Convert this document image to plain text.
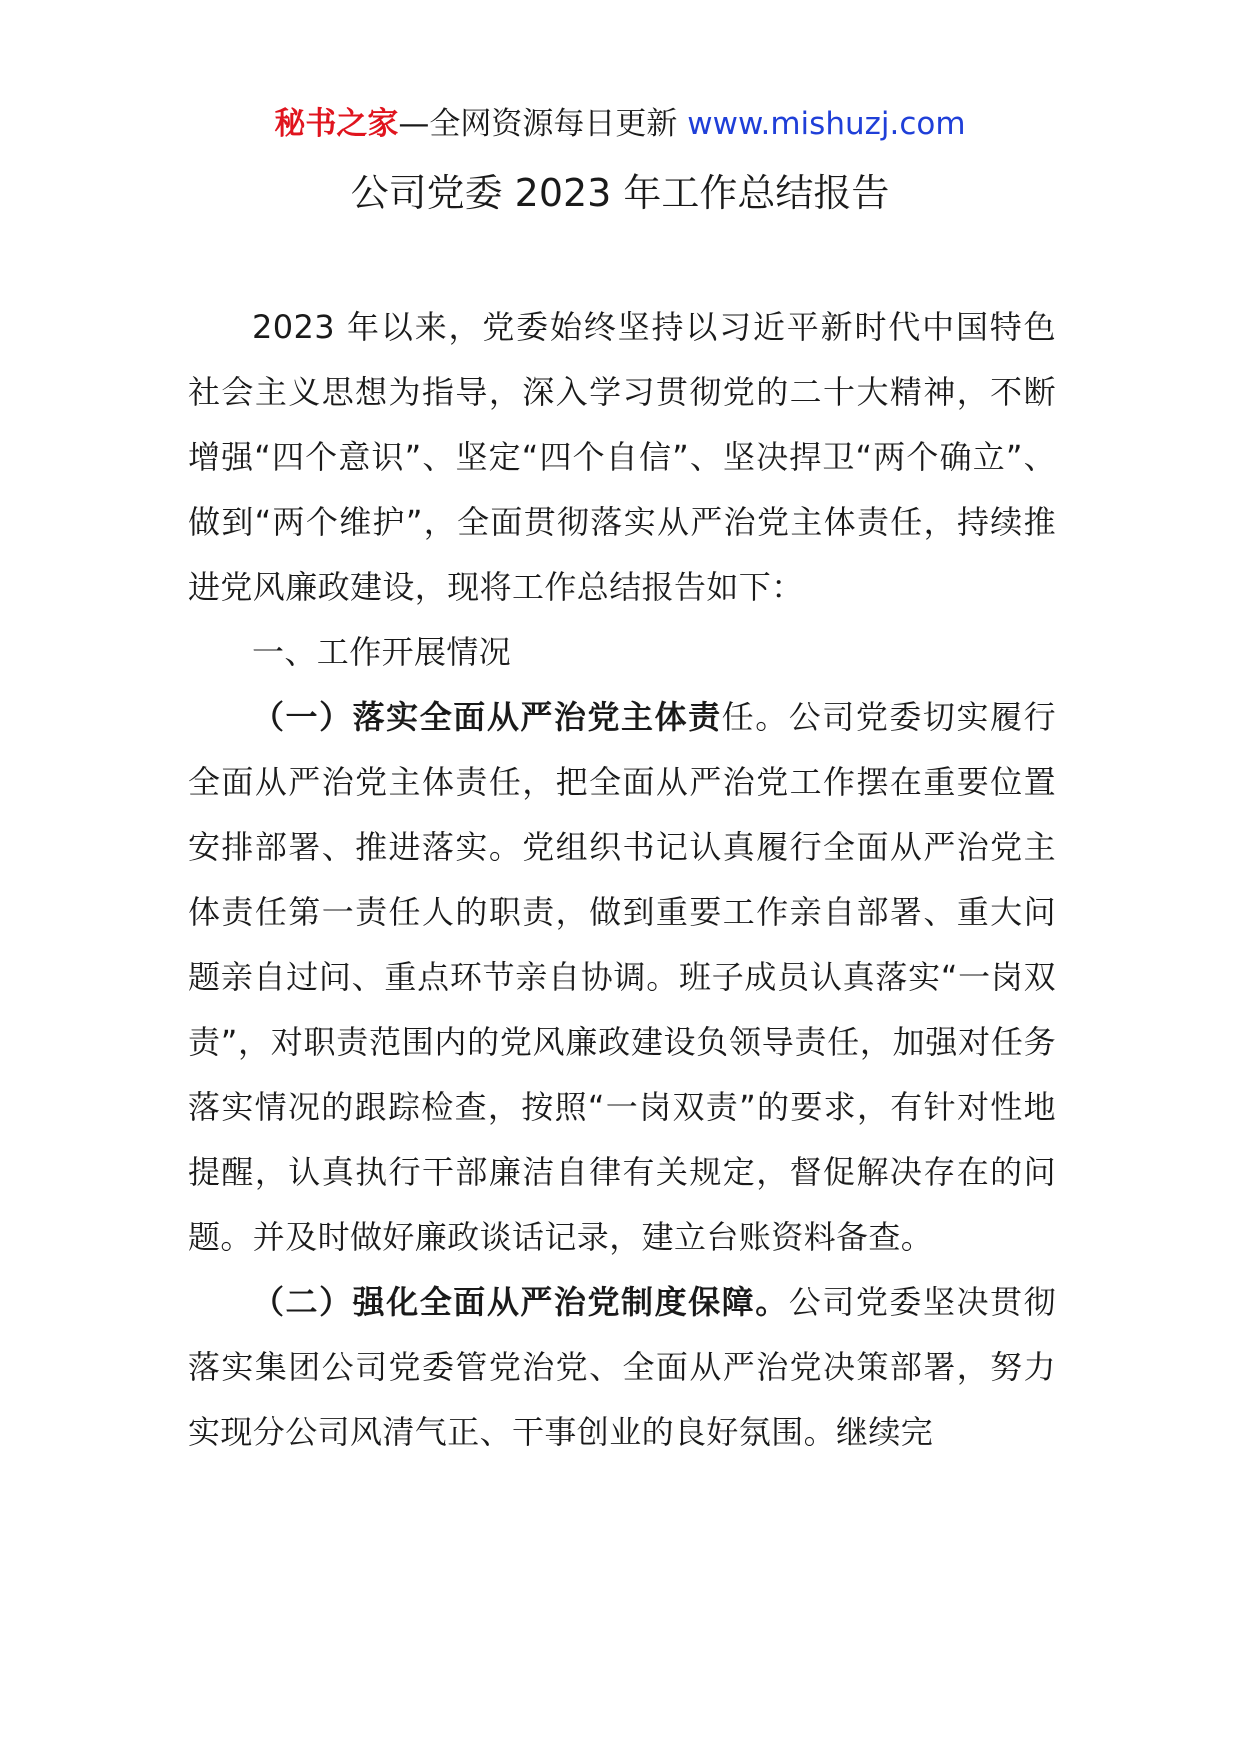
秘书之家—全网资源每日更新 www.mishuzj.com
公司党委 2023 年工作总结报告

2023 年以来，党委始终坚持以习近平新时代中国特色社会主义思想为指导，深入学习贯彻党的二十大精神，不断增强“四个意识”、坚定“四个自信”、坚决捍卫“两个确立”、做到“两个维护”，全面贯彻落实从严治党主体责任，持续推进党风廉政建设，现将工作总结报告如下：

一、工作开展情况

（一）落实全面从严治党主体责任。公司党委切实履行全面从严治党主体责任，把全面从严治党工作摆在重要位置安排部署、推进落实。党组织书记认真履行全面从严治党主体责任第一责任人的职责，做到重要工作亲自部署、重大问题亲自过问、重点环节亲自协调。班子成员认真落实“一岗双责”，对职责范围内的党风廉政建设负领导责任，加强对任务落实情况的跟踪检查，按照“一岗双责”的要求，有针对性地提醒，认真执行干部廉洁自律有关规定，督促解决存在的问题。并及时做好廉政谈话记录，建立台账资料备查。

（二）强化全面从严治党制度保障。公司党委坚决贯彻落实集团公司党委管党治党、全面从严治党决策部署，努力实现分公司风清气正、干事创业的良好氛围。继续完
